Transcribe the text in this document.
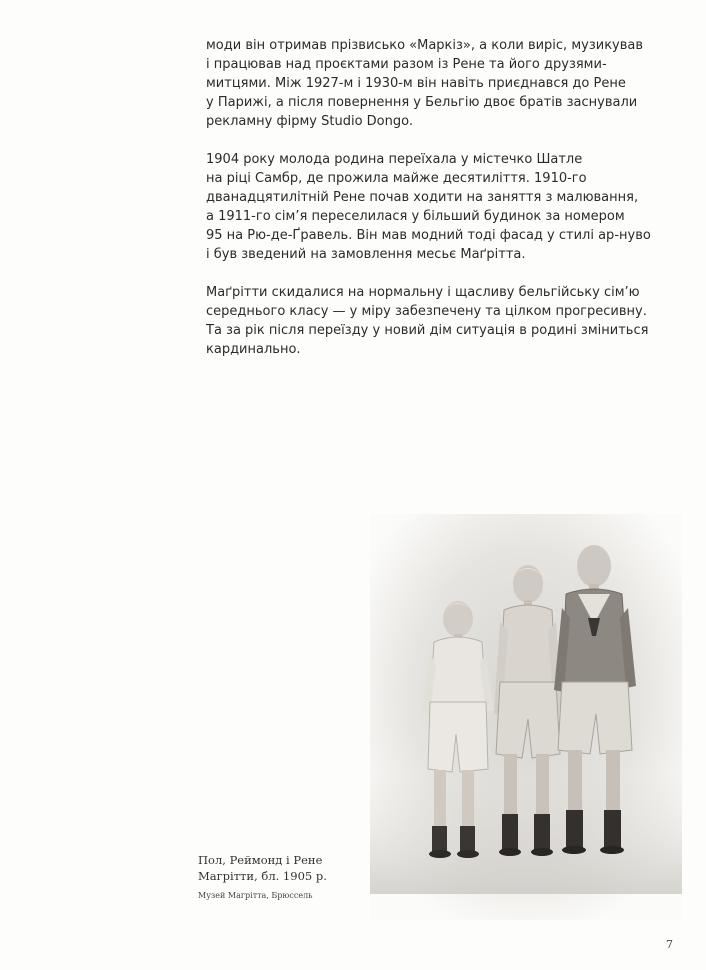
моди він отримав прізвисько «Маркіз», а коли виріс, музикував
і працював над проєктами разом із Рене та його друзями-
митцями. Між 1927-м і 1930-м він навіть приєднався до Рене
у Парижі, а після повернення у Бельгію двоє братів заснували
рекламну фірму Studio Dongo.

1904 року молода родина переїхала у містечко Шатле
на ріці Самбр, де прожила майже десятиліття. 1910-го
дванадцятилітній Рене почав ходити на заняття з малювання,
а 1911-го сім’я переселилася у більший будинок за номером
95 на Рю-де-Ґравель. Він мав модний тоді фасад у стилі ар-нуво
і був зведений на замовлення месьє Маґрітта.

Маґрітти скидалися на нормальну і щасливу бельгійську сім’ю
середнього класу — у міру забезпечену та цілком прогресивну.
Та за рік після переїзду у новий дім ситуація в родині зміниться
кардинально.

Пол, Реймонд і Рене
Магрітти, бл. 1905 р.
Музей Магрітта, Брюссель
7
